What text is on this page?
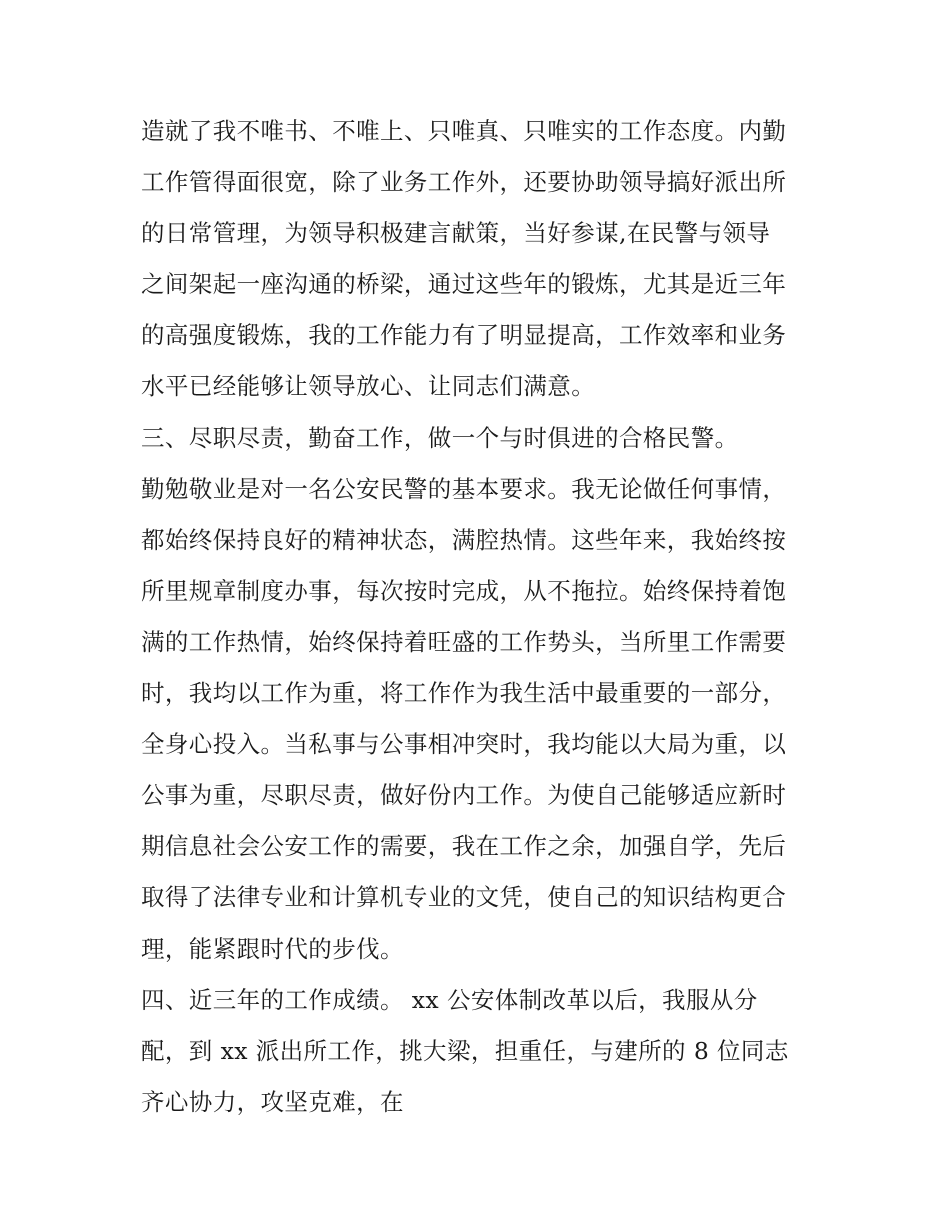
造就了我不唯书、不唯上、只唯真、只唯实的工作态度。内勤
工作管得面很宽，除了业务工作外，还要协助领导搞好派出所
的日常管理，为领导积极建言献策，当好参谋,在民警与领导
之间架起一座沟通的桥梁，通过这些年的锻炼，尤其是近三年
的高强度锻炼，我的工作能力有了明显提高，工作效率和业务
水平已经能够让领导放心、让同志们满意。
三、尽职尽责，勤奋工作，做一个与时俱进的合格民警。
勤勉敬业是对一名公安民警的基本要求。我无论做任何事情，
都始终保持良好的精神状态，满腔热情。这些年来，我始终按
所里规章制度办事，每次按时完成，从不拖拉。始终保持着饱
满的工作热情，始终保持着旺盛的工作势头，当所里工作需要
时，我均以工作为重，将工作作为我生活中最重要的一部分，
全身心投入。当私事与公事相冲突时，我均能以大局为重，以
公事为重，尽职尽责，做好份内工作。为使自己能够适应新时
期信息社会公安工作的需要，我在工作之余，加强自学，先后
取得了法律专业和计算机专业的文凭，使自己的知识结构更合
理，能紧跟时代的步伐。
四、近三年的工作成绩。 xx 公安体制改革以后，我服从分
配，到 xx 派出所工作，挑大梁，担重任，与建所的 8 位同志
齐心协力，攻坚克难，在
